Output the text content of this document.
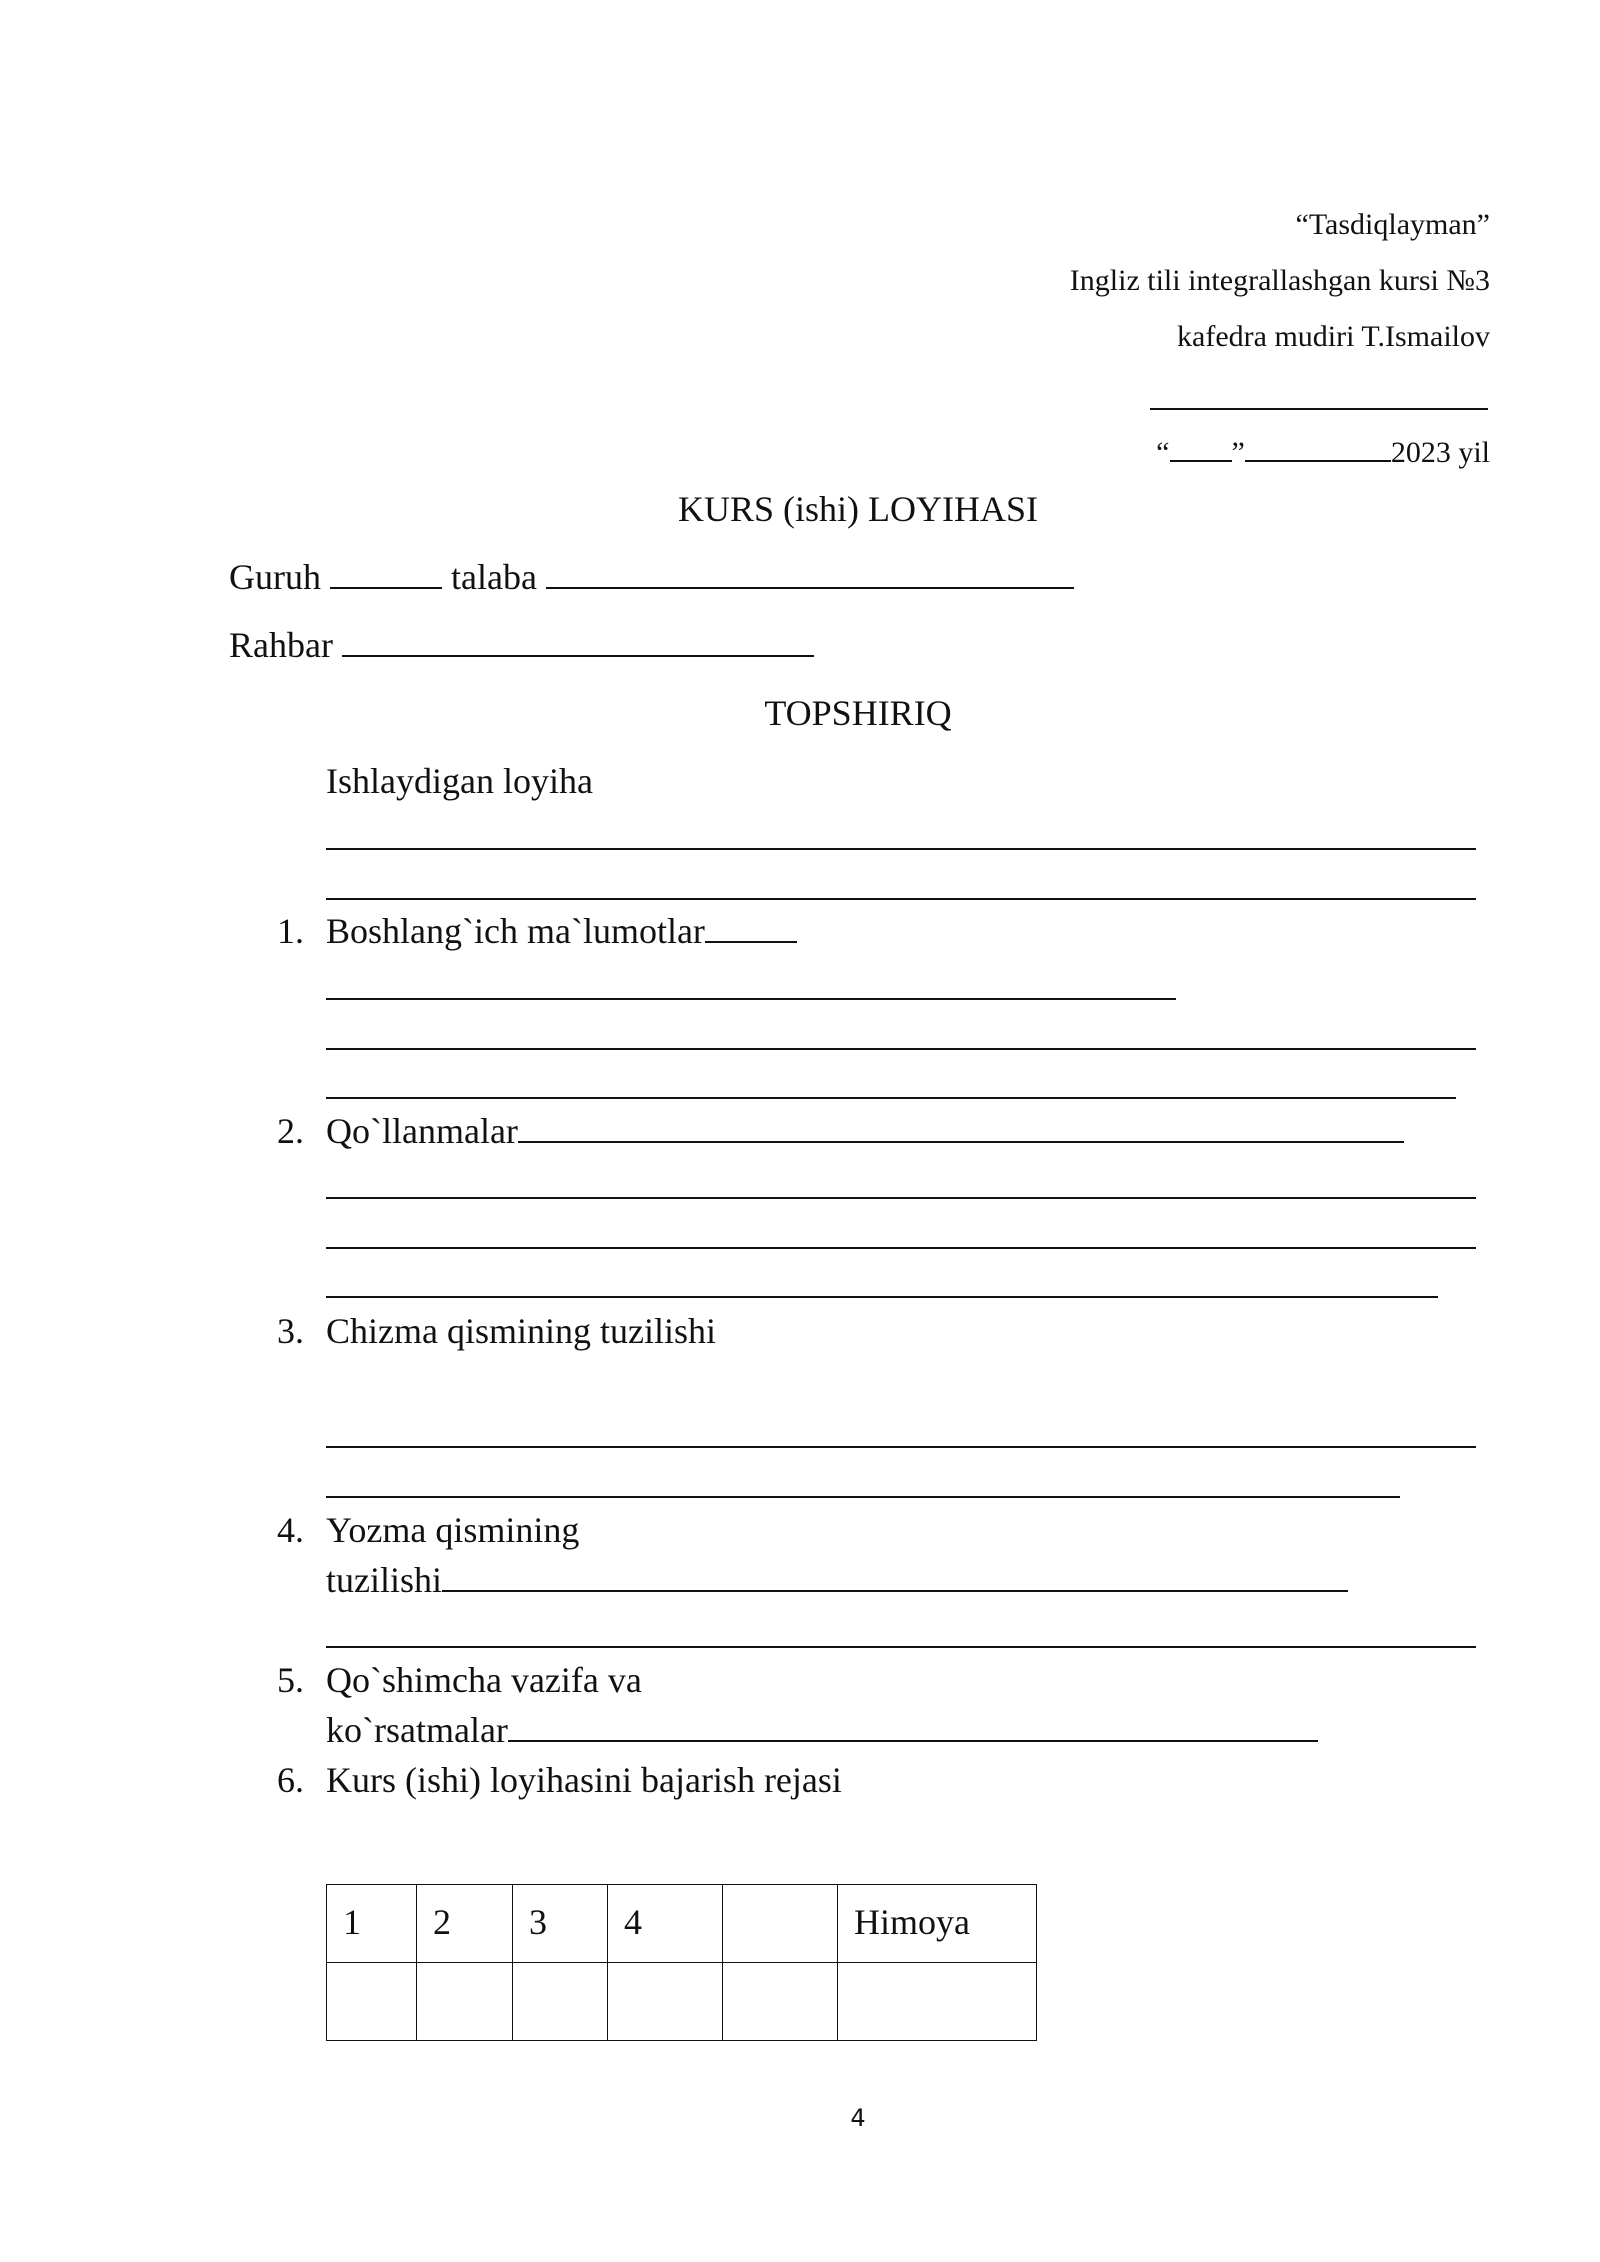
“Tasdiqlayman”
Ingliz tili integrallashgan kursi №3
kafedra mudiri T.Ismailov
“ ”	2023 yil
KURS (ishi) LOYIHASI
Guruh	talaba
Rahbar
TOPSHIRIQ
Ishlaydigan loyiha
1. Boshlang`ich ma`lumotlar
2. Qo`llanmalar
3. Chizma qismining tuzilishi
4. Yozma qismining
tuzilishi
5. Qo`shimcha vazifa va
ko`rsatmalar
6. Kurs (ishi) loyihasini bajarish rejasi
1	2	3	4		Himoya

4
